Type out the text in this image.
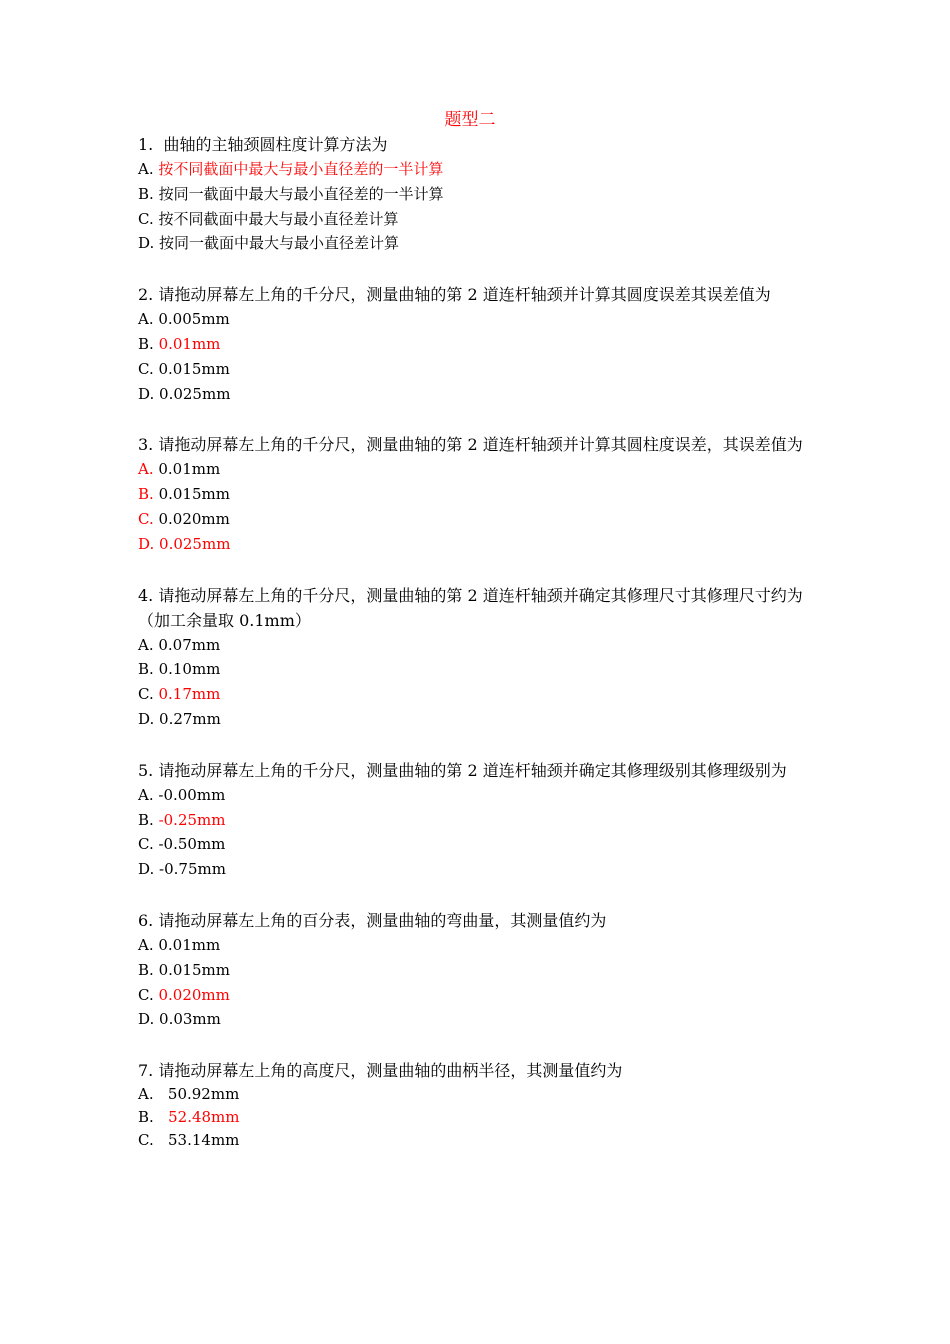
题型二
1.  曲轴的主轴颈圆柱度计算方法为
A. 按不同截面中最大与最小直径差的一半计算
B. 按同一截面中最大与最小直径差的一半计算
C. 按不同截面中最大与最小直径差计算
D. 按同一截面中最大与最小直径差计算
2. 请拖动屏幕左上角的千分尺，测量曲轴的第 2 道连杆轴颈并计算其圆度误差其误差值为
A. 0.005mm
B. 0.01mm
C. 0.015mm
D. 0.025mm
3. 请拖动屏幕左上角的千分尺，测量曲轴的第 2 道连杆轴颈并计算其圆柱度误差，其误差值为
A. 0.01mm
B. 0.015mm
C. 0.020mm
D. 0.025mm
4. 请拖动屏幕左上角的千分尺，测量曲轴的第 2 道连杆轴颈并确定其修理尺寸其修理尺寸约为（加工余量取 0.1mm）
A. 0.07mm
B. 0.10mm
C. 0.17mm
D. 0.27mm
5. 请拖动屏幕左上角的千分尺，测量曲轴的第 2 道连杆轴颈并确定其修理级别其修理级别为
A. -0.00mm
B. -0.25mm
C. -0.50mm
D. -0.75mm
6. 请拖动屏幕左上角的百分表，测量曲轴的弯曲量，其测量值约为
A. 0.01mm
B. 0.015mm
C. 0.020mm
D. 0.03mm
7. 请拖动屏幕左上角的高度尺，测量曲轴的曲柄半径，其测量值约为
A.   50.92mm
B.   52.48mm
C.   53.14mm
